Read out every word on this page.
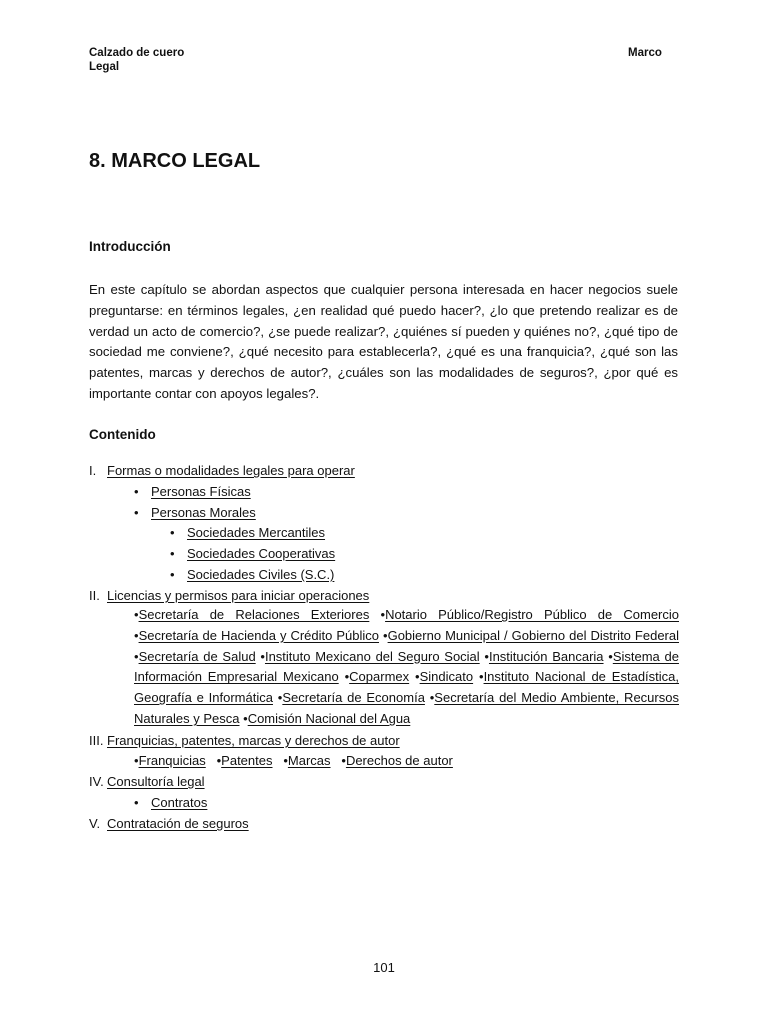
Calzado de cuero
Legal
Marco
8. MARCO LEGAL
Introducción

En este capítulo se abordan aspectos que cualquier persona interesada en hacer negocios suele preguntarse: en términos legales, ¿en realidad qué puedo hacer?, ¿lo que pretendo realizar es de verdad un acto de comercio?, ¿se puede realizar?, ¿quiénes sí pueden y quiénes no?, ¿qué tipo de sociedad me conviene?, ¿qué necesito para establecerla?, ¿qué es una franquicia?, ¿qué son las patentes, marcas y derechos de autor?, ¿cuáles son las modalidades de seguros?, ¿por qué es importante contar con apoyos legales?.

Contenido
I. Formas o modalidades legales para operar
• Personas Físicas
• Personas Morales
• Sociedades Mercantiles
• Sociedades Cooperativas
• Sociedades Civiles (S.C.)
II. Licencias y permisos para iniciar operaciones

•Secretaría de Relaciones Exteriores •Notario Público/Registro Público de Comercio •Secretaría de Hacienda y Crédito Público •Gobierno Municipal / Gobierno del Distrito Federal •Secretaría de Salud •Instituto Mexicano del Seguro Social •Institución Bancaria •Sistema de Información Empresarial Mexicano •Coparmex •Sindicato •Instituto Nacional de Estadística, Geografía e Informática •Secretaría de Economía •Secretaría del Medio Ambiente, Recursos Naturales y Pesca •Comisión Nacional del Agua

III. Franquicias, patentes, marcas y derechos de autor
•Franquicias •Patentes •Marcas •Derechos de autor
IV. Consultoría legal
• Contratos
V. Contratación de seguros
101
